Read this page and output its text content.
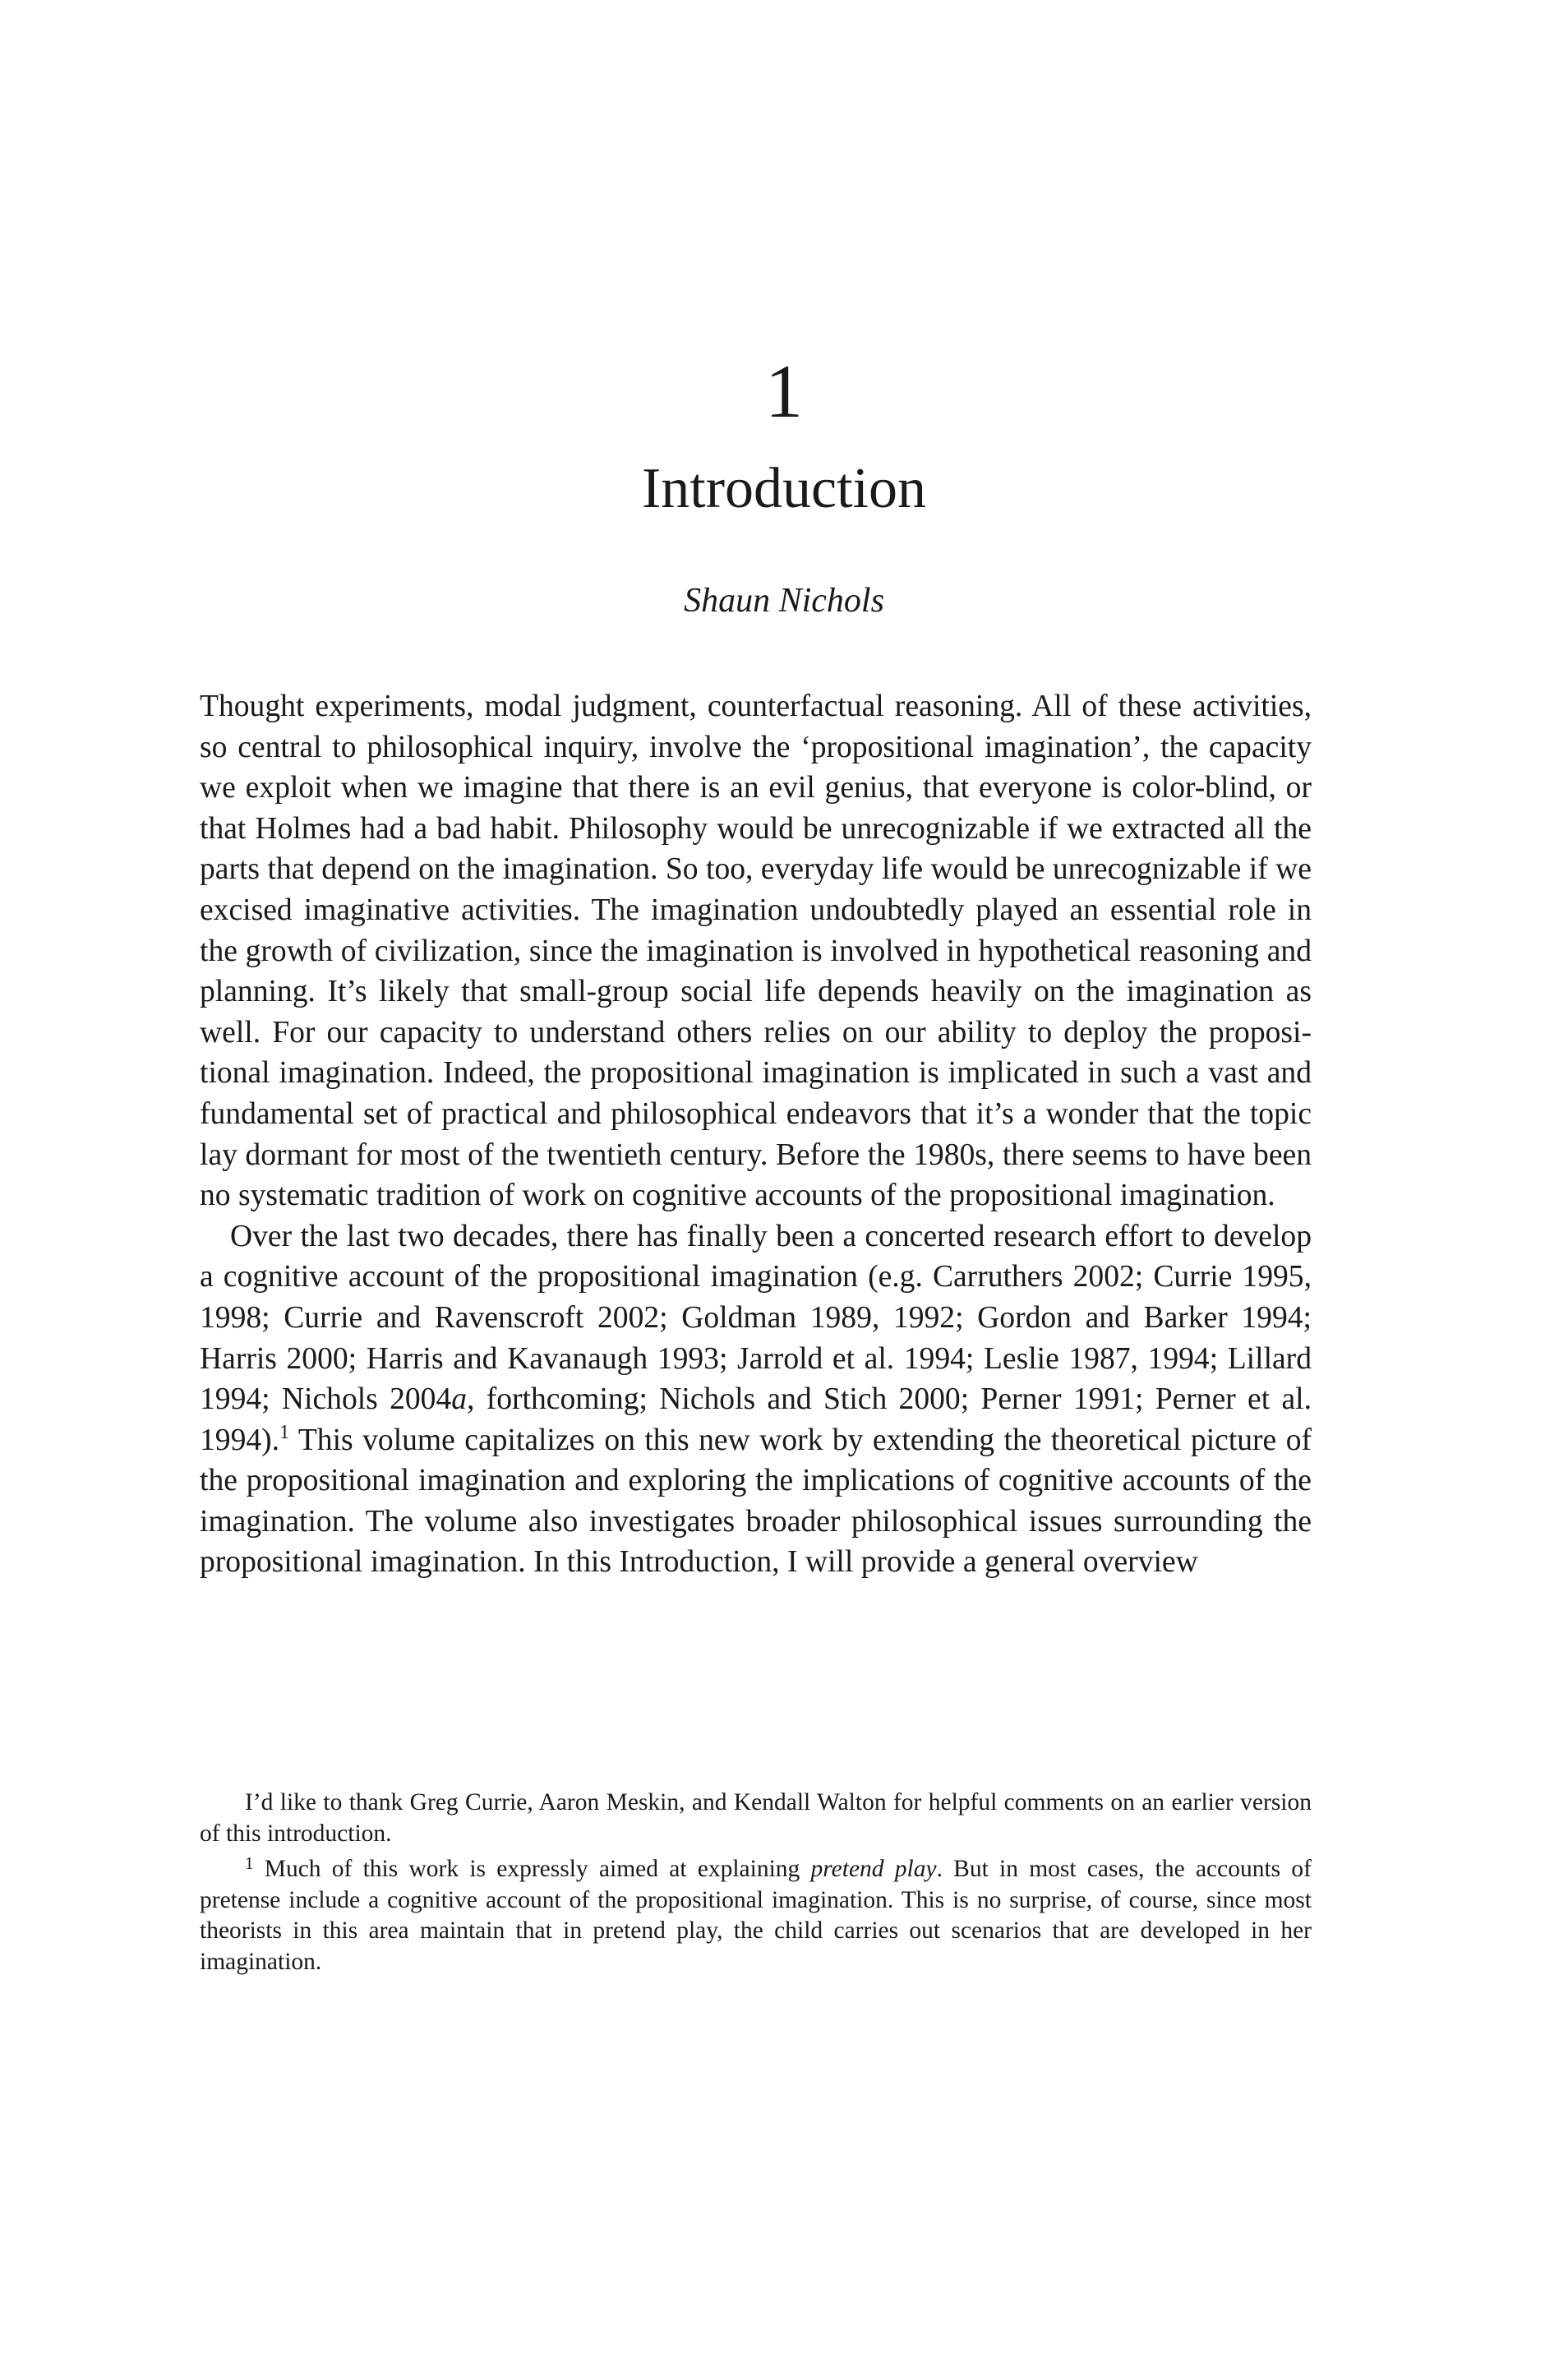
1
Introduction
Shaun Nichols

Thought experiments, modal judgment, counterfactual reasoning. All of these activities, so central to philosophical inquiry, involve the ‘propositional imagination’, the capacity we exploit when we imagine that there is an evil genius, that everyone is color-blind, or that Holmes had a bad habit. Philosophy would be unrecognizable if we extracted all the parts that depend on the imagination. So too, everyday life would be unrecognizable if we excised imaginative activities. The imagination undoubtedly played an essential role in the growth of civilization, since the imagination is involved in hypothetical reasoning and planning. It’s likely that small-group social life depends heavily on the imagination as well. For our capacity to understand others relies on our ability to deploy the propositional imagination. Indeed, the propositional imagination is implicated in such a vast and fundamental set of practical and philosophical endeavors that it’s a wonder that the topic lay dormant for most of the twentieth century. Before the 1980s, there seems to have been no systematic tradition of work on cognitive accounts of the propositional imagination.

Over the last two decades, there has finally been a concerted research effort to develop a cognitive account of the propositional imagination (e.g. Carruthers 2002; Currie 1995, 1998; Currie and Ravenscroft 2002; Goldman 1989, 1992; Gordon and Barker 1994; Harris 2000; Harris and Kavanaugh 1993; Jarrold et al. 1994; Leslie 1987, 1994; Lillard 1994; Nichols 2004a, forthcoming; Nichols and Stich 2000; Perner 1991; Perner et al. 1994).$^1$ This volume capitalizes on this new work by extending the theoretical picture of the propositional imagination and exploring the implications of cognitive accounts of the imagination. The volume also investigates broader philosophical issues surrounding the propositional imagination. In this Introduction, I will provide a general overview

I’d like to thank Greg Currie, Aaron Meskin, and Kendall Walton for helpful comments on an earlier version of this introduction.

$^1$ Much of this work is expressly aimed at explaining pretend play. But in most cases, the accounts of pretense include a cognitive account of the propositional imagination. This is no surprise, of course, since most theorists in this area maintain that in pretend play, the child carries out scenarios that are developed in her imagination.
